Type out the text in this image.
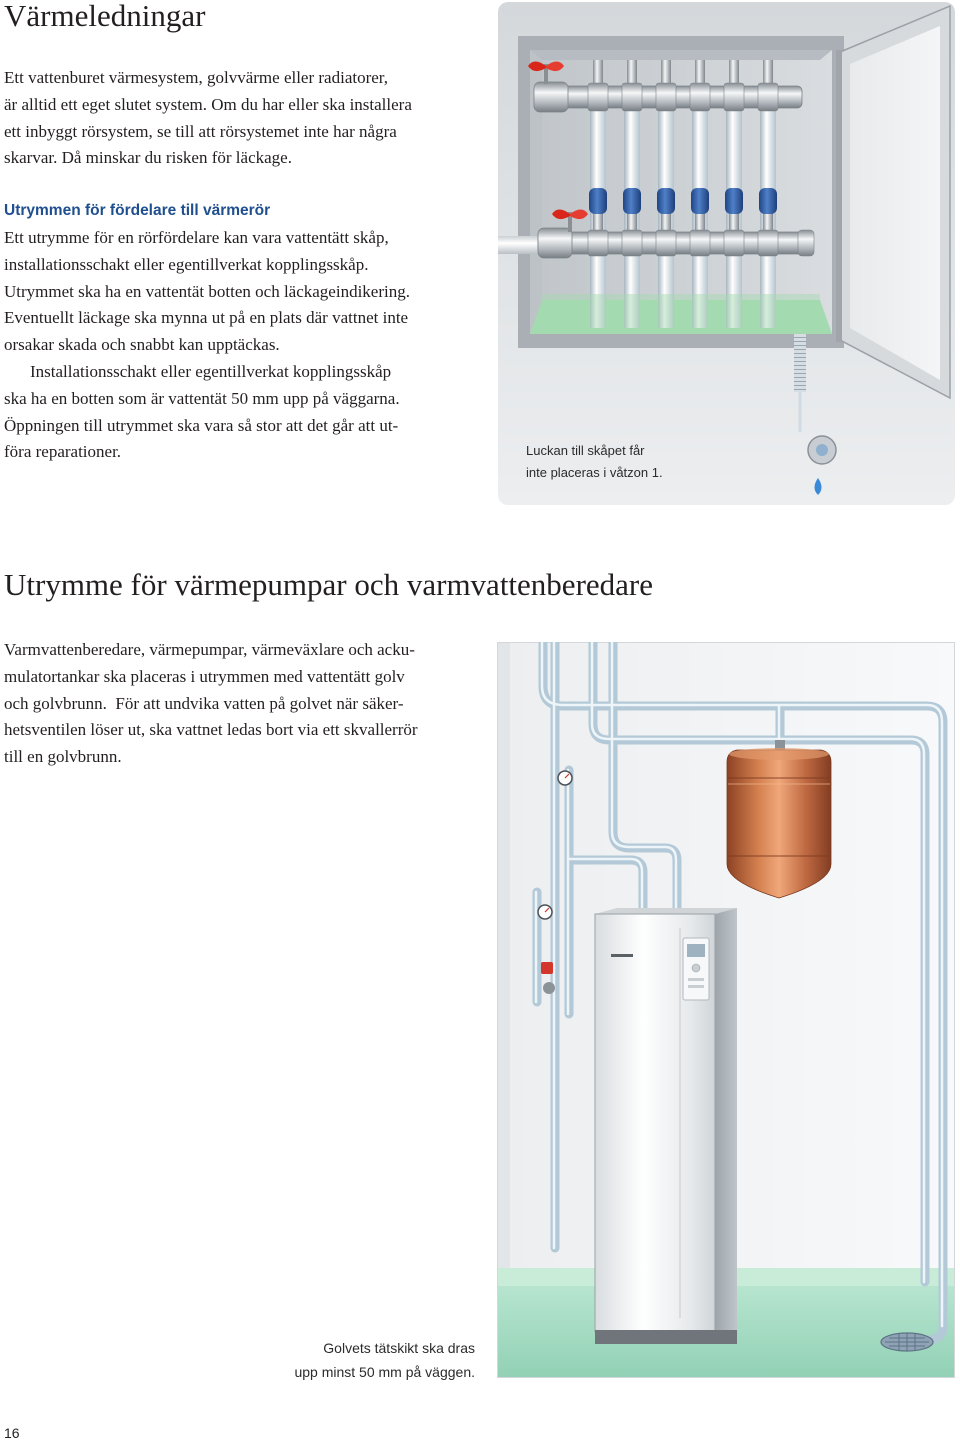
Värmeledningar
Ett vattenburet värmesystem, golvvärme eller radiatorer,
är alltid ett eget slutet system. Om du har eller ska installera
ett inbyggt rörsystem, se till att rörsystemet inte har några
skarvar. Då minskar du risken för läckage.
Utrymmen för fördelare till värmerör
Ett utrymme för en rörfördelare kan vara vattentätt skåp,
installationsschakt eller egentillverkat kopplingsskåp.
Utrymmet ska ha en vattentät botten och läckageindikering.
Eventuellt läckage ska mynna ut på en plats där vattnet inte
orsakar skada och snabbt kan upptäckas.
Installationsschakt eller egentillverkat kopplingsskåp
ska ha en botten som är vattentät 50 mm upp på väggarna.
Öppningen till utrymmet ska vara så stor att det går att ut-
föra reparationer.	Luckan till skåpet får
inte placeras i våtzon 1.
Utrymme för värmepumpar och varmvattenberedare
Varmvattenberedare, värmepumpar, värmeväxlare och acku-
mulatortankar ska placeras i utrymmen med vattentätt golv
och golvbrunn.  För att undvika vatten på golvet när säker-
hetsventilen löser ut, ska vattnet ledas bort via ett skvallerrör
till en golvbrunn.
Golvets tätskikt ska dras
upp minst 50 mm på väggen.
16
